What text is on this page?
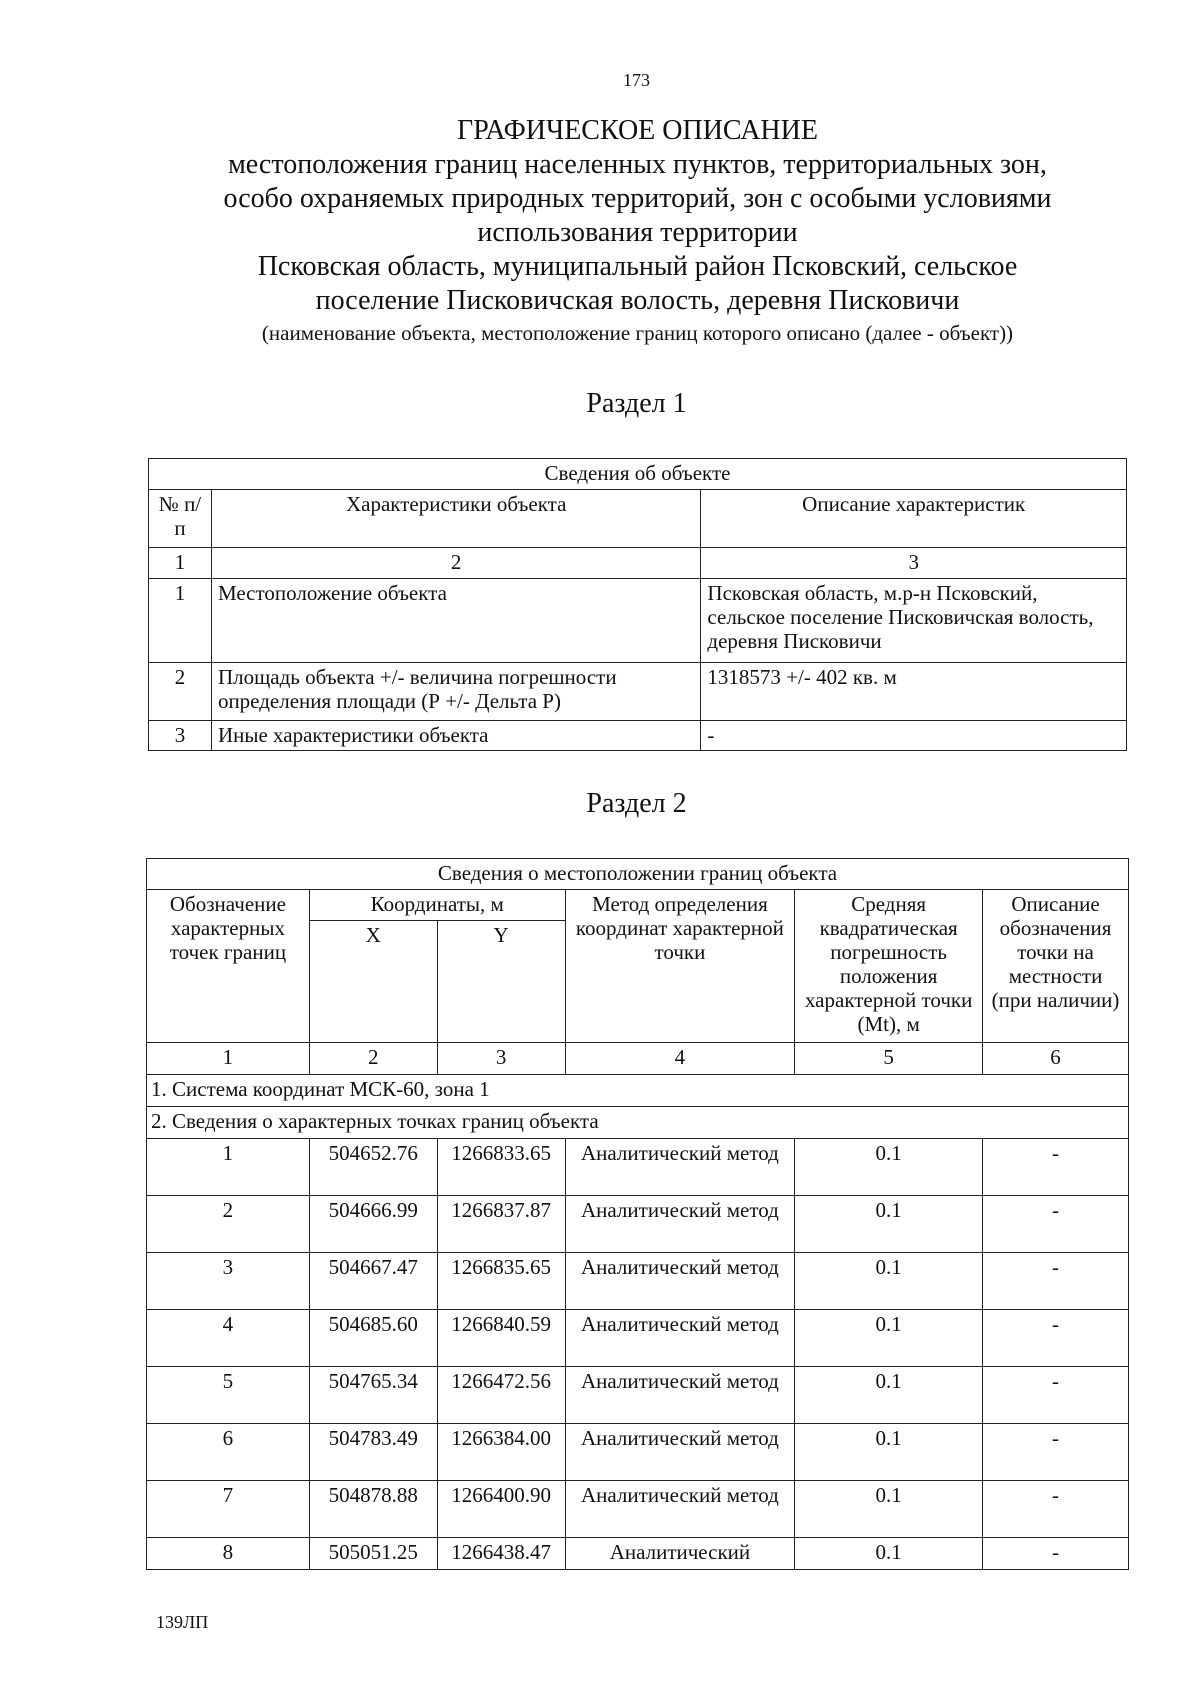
173
ГРАФИЧЕСКОЕ ОПИСАНИЕ
местоположения границ населенных пунктов, территориальных зон,
особо охраняемых природных территорий, зон с особыми условиями
использования территории
Псковская область, муниципальный район Псковский, сельское
поселение Писковичская волость, деревня Писковичи
(наименование объекта, местоположение границ которого описано (далее - объект))
Раздел 1
Сведения об объекте		
№ п/п	Характеристики объекта	Описание характеристик
1	2	3
1	Местоположение объекта	Псковская область, м.р-н Псковский, сельское поселение Писковичская волость, деревня Писковичи
2	Площадь объекта +/- величина погрешности определения площади (Р +/- Дельта Р)	1318573 +/- 402 кв. м
3	Иные характеристики объекта	-
Раздел 2
Сведения о местоположении границ объекта					
Обозначение характерных точек границ	Координаты, м		Метод определения координат характерной точки	Средняя квадратическая погрешность положения характерной точки (Mt), м	Описание обозначения точки на местности (при наличии)
	X	Y			
1	2	3	4	5	6
1. Система координат МСК-60, зона 1					
2. Сведения о характерных точках границ объекта					
1	504652.76	1266833.65	Аналитический метод	0.1	-
2	504666.99	1266837.87	Аналитический метод	0.1	-
3	504667.47	1266835.65	Аналитический метод	0.1	-
4	504685.60	1266840.59	Аналитический метод	0.1	-
5	504765.34	1266472.56	Аналитический метод	0.1	-
6	504783.49	1266384.00	Аналитический метод	0.1	-
7	504878.88	1266400.90	Аналитический метод	0.1	-
8	505051.25	1266438.47	Аналитический	0.1	-
139ЛП
